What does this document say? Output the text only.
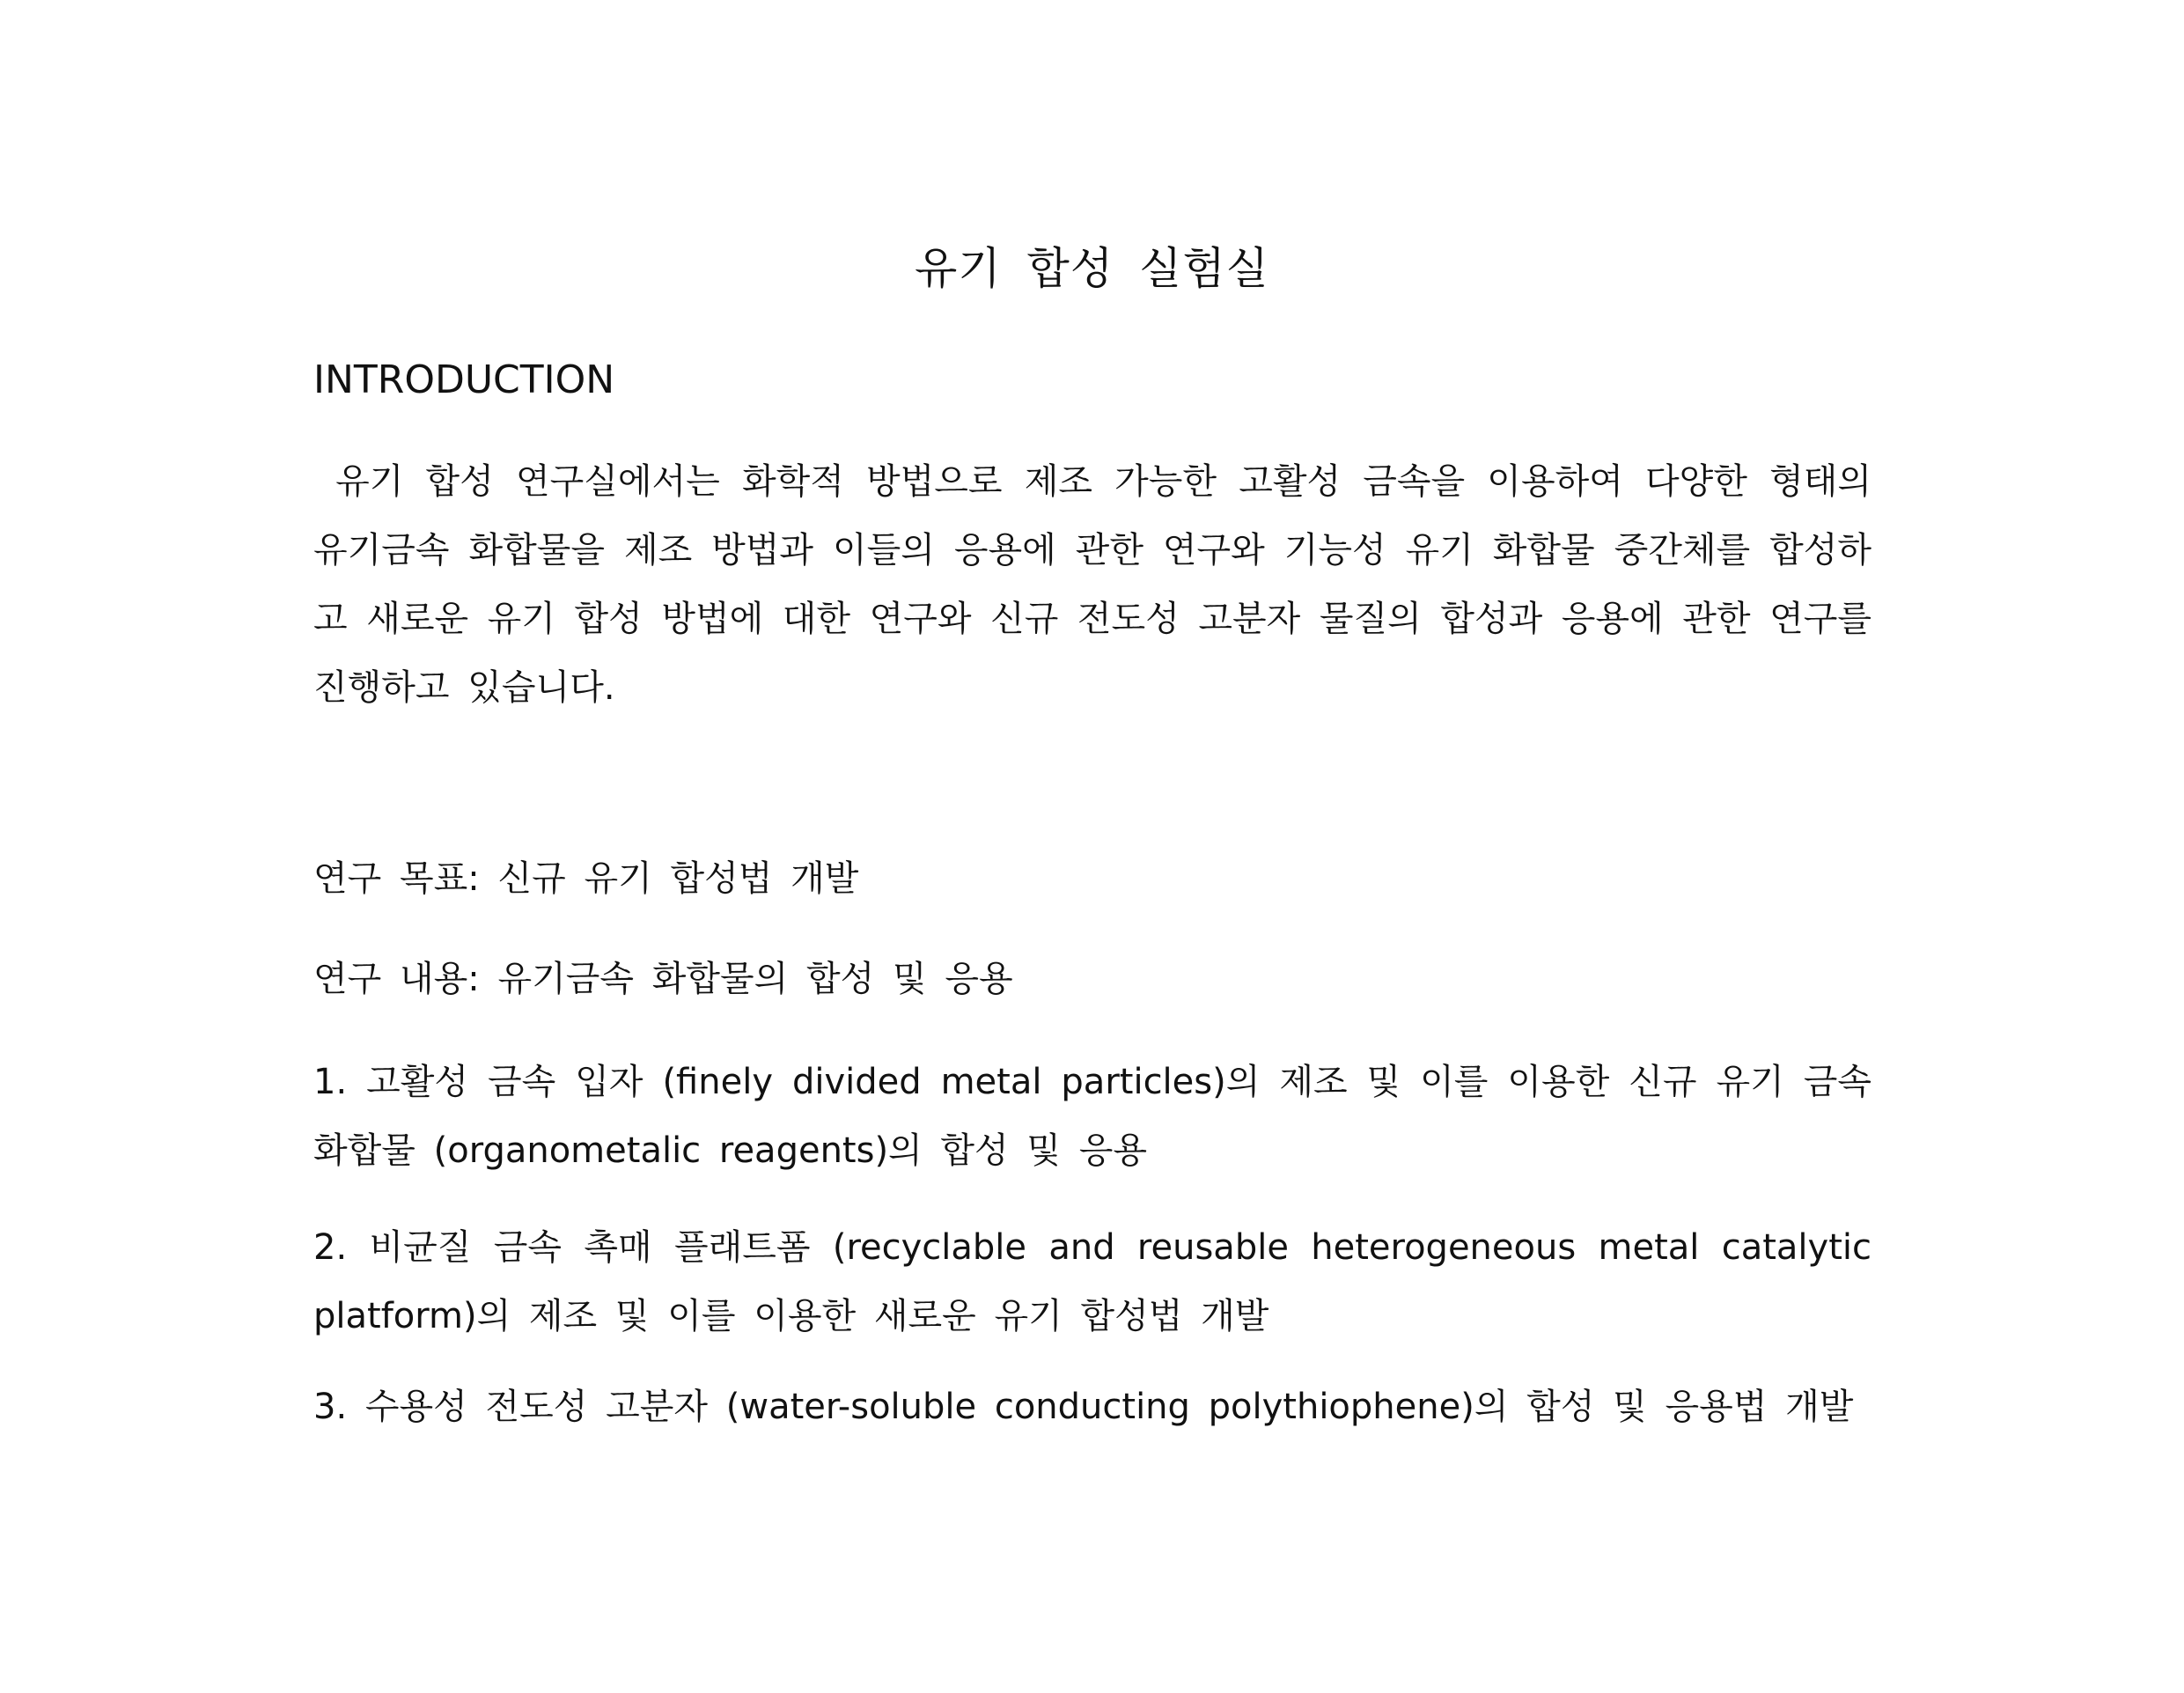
유기 합성 실험실
INTRODUCTION
유기 합성 연구실에서는 화학적 방법으로 제조 가능한 고활성 금속을 이용하여 다양한 형태의 유기금속 화합물을 제조 방법과 이들의 응용에 관한 연구와 기능성 유기 화합물 중간체를 합성하고 새로운 유기 합성 방법에 대한 연구와 신규 전도성 고분자 물질의 합성과 응용에 관한 연구를 진행하고 있습니다.
연구 목표: 신규 유기 합성법 개발
연구 내용: 유기금속 화합물의 합성 및 응용
1. 고활성 금속 입자 (finely divided metal particles)의 제조 및 이를 이용한 신규 유기 금속 화합물 (organometalic reagents)의 합성 및 응용
2. 비균질 금속 촉매 플래트폼 (recyclable and reusable heterogeneous metal catalytic platform)의 제조 및 이를 이용한 새로운 유기 합성법 개발
3. 수용성 전도성 고분자 (water-soluble conducting polythiophene)의 합성 및 응용법 개발
